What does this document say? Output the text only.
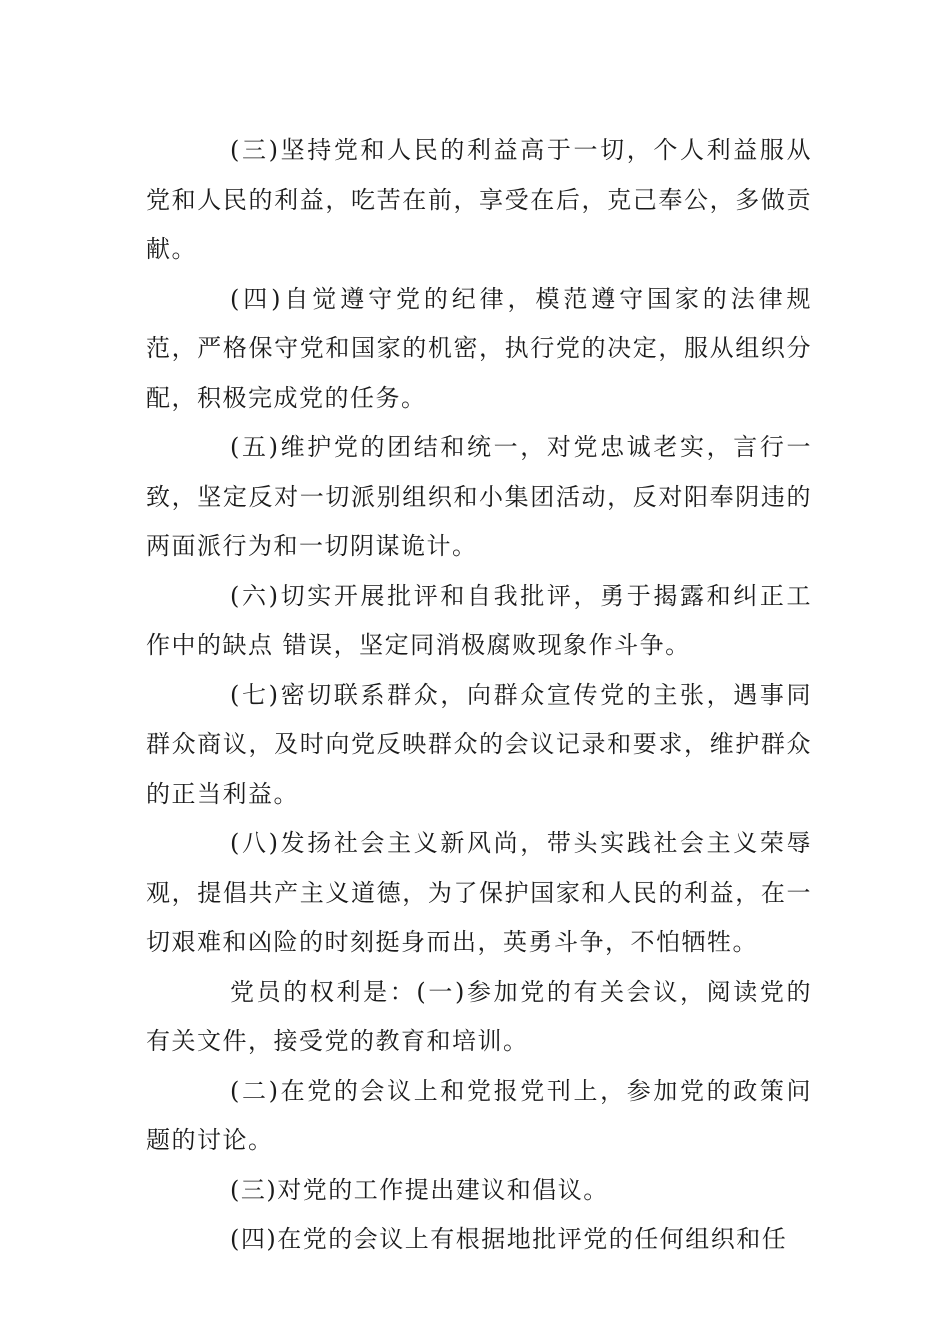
(三)坚持党和人民的利益高于一切，个人利益服从党和人民的利益，吃苦在前，享受在后，克己奉公，多做贡献。

(四)自觉遵守党的纪律，模范遵守国家的法律规范，严格保守党和国家的机密，执行党的决定，服从组织分配，积极完成党的任务。

(五)维护党的团结和统一，对党忠诚老实，言行一致，坚定反对一切派别组织和小集团活动，反对阳奉阴违的两面派行为和一切阴谋诡计。

(六)切实开展批评和自我批评，勇于揭露和纠正工作中的缺点 错误，坚定同消极腐败现象作斗争。

(七)密切联系群众，向群众宣传党的主张，遇事同群众商议，及时向党反映群众的会议记录和要求，维护群众的正当利益。

(八)发扬社会主义新风尚，带头实践社会主义荣辱观，提倡共产主义道德，为了保护国家和人民的利益，在一切艰难和凶险的时刻挺身而出，英勇斗争，不怕牺牲。

党员的权利是：(一)参加党的有关会议，阅读党的有关文件，接受党的教育和培训。

(二)在党的会议上和党报党刊上，参加党的政策问题的讨论。

(三)对党的工作提出建议和倡议。

(四)在党的会议上有根据地批评党的任何组织和任
